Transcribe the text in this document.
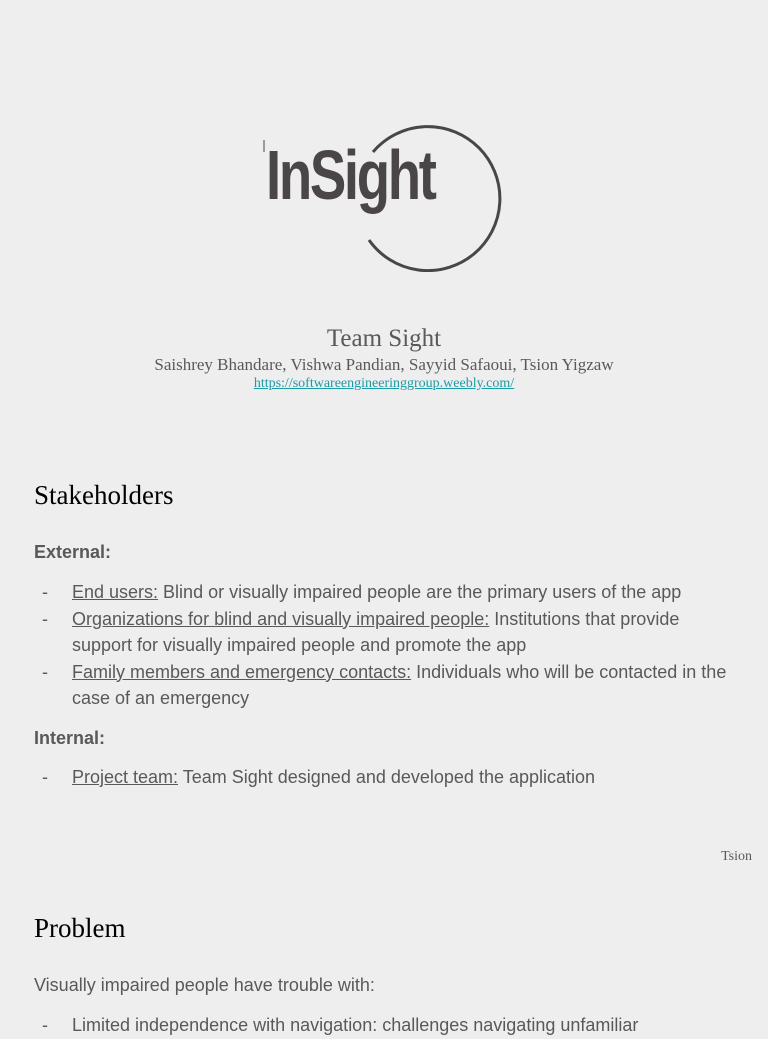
InSight
Team Sight
Saishrey Bhandare, Vishwa Pandian, Sayyid Safaoui, Tsion Yigzaw
https://softwareengineeringgroup.weebly.com/
Stakeholders
External:
- End users: Blind or visually impaired people are the primary users of the app
- Organizations for blind and visually impaired people: Institutions that provide support for visually impaired people and promote the app
- Family members and emergency contacts: Individuals who will be contacted in the case of an emergency
Internal:
- Project team: Team Sight designed and developed the application
Tsion
Problem
Visually impaired people have trouble with:
- Limited independence with navigation: challenges navigating unfamiliar
